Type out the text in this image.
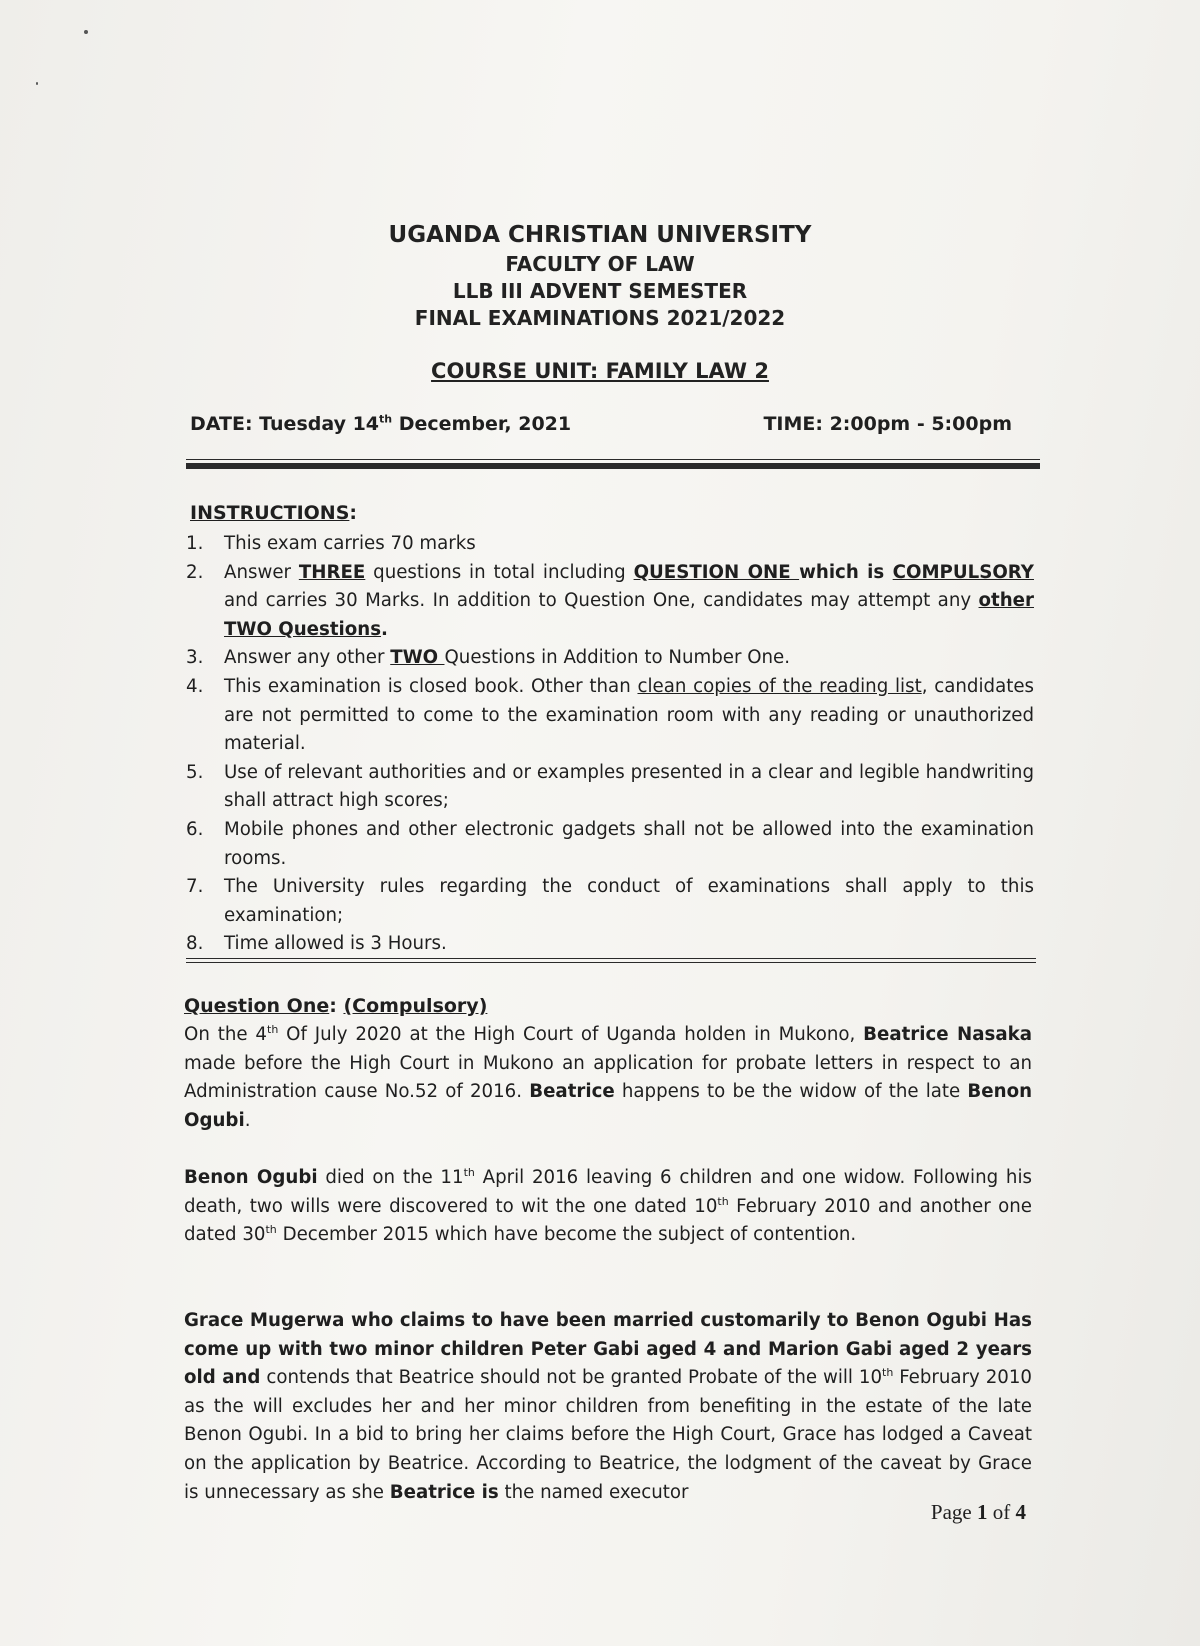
UGANDA CHRISTIAN UNIVERSITY
FACULTY OF LAW
LLB III ADVENT SEMESTER
FINAL EXAMINATIONS 2021/2022
COURSE UNIT: FAMILY LAW 2
DATE: Tuesday 14th December, 2021	TIME: 2:00pm - 5:00pm
INSTRUCTIONS:
1. This exam carries 70 marks
2. Answer THREE questions in total including QUESTION ONE which is COMPULSORY and carries 30 Marks. In addition to Question One, candidates may attempt any other TWO Questions.
3. Answer any other TWO Questions in Addition to Number One.
4. This examination is closed book. Other than clean copies of the reading list, candidates are not permitted to come to the examination room with any reading or unauthorized material.
5. Use of relevant authorities and or examples presented in a clear and legible handwriting shall attract high scores;
6. Mobile phones and other electronic gadgets shall not be allowed into the examination rooms.
7. The University rules regarding the conduct of examinations shall apply to this examination;
8. Time allowed is 3 Hours.
Question One: (Compulsory)
On the 4th Of July 2020 at the High Court of Uganda holden in Mukono, Beatrice Nasaka made before the High Court in Mukono an application for probate letters in respect to an Administration cause No.52 of 2016. Beatrice happens to be the widow of the late Benon Ogubi.
Benon Ogubi died on the 11th April 2016 leaving 6 children and one widow. Following his death, two wills were discovered to wit the one dated 10th February 2010 and another one dated 30th December 2015 which have become the subject of contention.
Grace Mugerwa who claims to have been married customarily to Benon Ogubi Has come up with two minor children Peter Gabi aged 4 and Marion Gabi aged 2 years old and contends that Beatrice should not be granted Probate of the will 10th February 2010 as the will excludes her and her minor children from benefiting in the estate of the late Benon Ogubi. In a bid to bring her claims before the High Court, Grace has lodged a Caveat on the application by Beatrice. According to Beatrice, the lodgment of the caveat by Grace is unnecessary as she Beatrice is the named executor
Page 1 of 4
